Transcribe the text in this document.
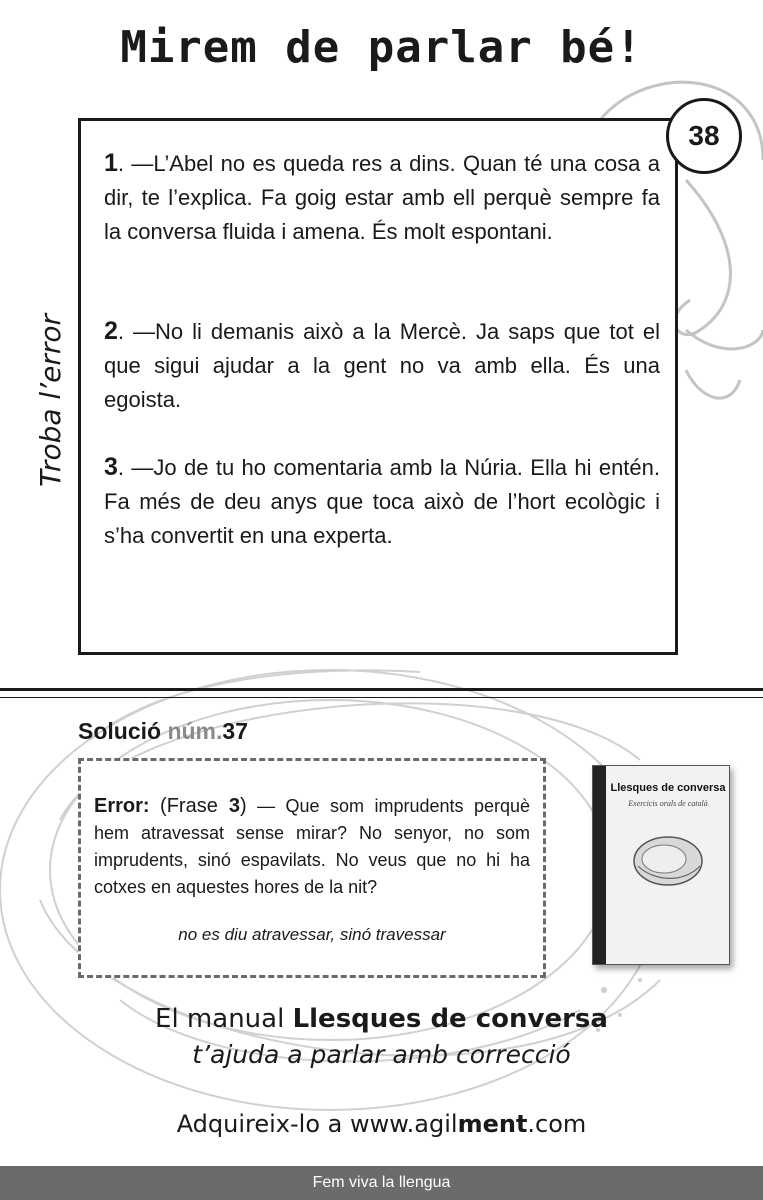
Mirem de parlar bé!
Troba l’error
38
1. —L’Abel no es queda res a dins. Quan té una cosa a dir, te l’explica. Fa goig estar amb ell perquè sempre fa la conversa fluida i amena. És molt espontani.
2. —No li demanis això a la Mercè. Ja saps que tot el que sigui ajudar a la gent no va amb ella. És una egoista.
3. —Jo de tu ho comentaria amb la Núria. Ella hi entén. Fa més de deu anys que toca això de l’hort ecològic i s’ha convertit en una experta.
Solució núm.37
Error: (Frase 3) — Que som imprudents perquè hem atravessat sense mirar? No senyor, no som imprudents, sinó espavilats. No veus que no hi ha cotxes en aquestes hores de la nit?
no es diu atravessar, sinó travessar
Llesques de conversa
Exercicis orals de català
El manual Llesques de conversa
t’ajuda a parlar amb correcció
Adquireix-lo a www.agilment.com
Fem viva la llengua
